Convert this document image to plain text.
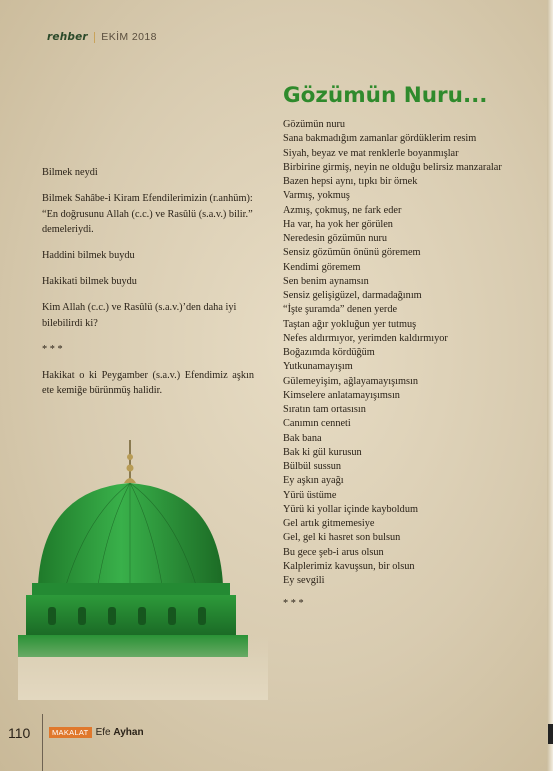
rehber EKİM 2018
Gözümün Nuru...

Bilmek neydi

Bilmek Sahâbe-i Kiram Efendilerimizin (r.anhüm): “En doğrusunu Allah (c.c.) ve Rasûlü (s.a.v.) bilir.” demeleriydi.

Haddini bilmek buydu

Hakikati bilmek buydu

Kim Allah (c.c.) ve Rasûlü (s.a.v.)’den daha iyi bilebilirdi ki?

* * *

Hakikat o ki Peygamber (s.a.v.) Efendimiz aşkın ete kemiğe bürünmüş halidir.

Gözümün nuru
Sana bakmadığım zamanlar gördüklerim resim
Siyah, beyaz ve mat renklerle boyanmışlar
Birbirine girmiş, neyin ne olduğu belirsiz manzaralar
Bazen hepsi aynı, tıpkı bir örnek
Varmış, yokmuş
Azmış, çokmuş, ne fark eder
Ha var, ha yok her görülen
Neredesin gözümün nuru
Sensiz gözümün önünü göremem
Kendimi göremem
Sen benim aynamsın
Sensiz gelişigüzel, darmadağınım
“İşte şuramda” denen yerde
Taştan ağır yokluğun yer tutmuş
Nefes aldırmıyor, yerimden kaldırmıyor
Boğazımda kördüğüm
Yutkunamayışım
Gülemeyişim, ağlayamayışımsın
Kimselere anlatamayışımsın
Sıratın tam ortasısın
Canımın cenneti
Bak bana
Bak ki gül kurusun
Bülbül sussun
Ey aşkın ayağı
Yürü üstüme
Yürü ki yollar içinde kayboldum
Gel artık gitmemesiye
Gel, gel ki hasret son bulsun
Bu gece şeb-i arus olsun
Kalplerimiz kavuşsun, bir olsun
Ey sevgili
* * *
110	MAKALAT Efe Ayhan
